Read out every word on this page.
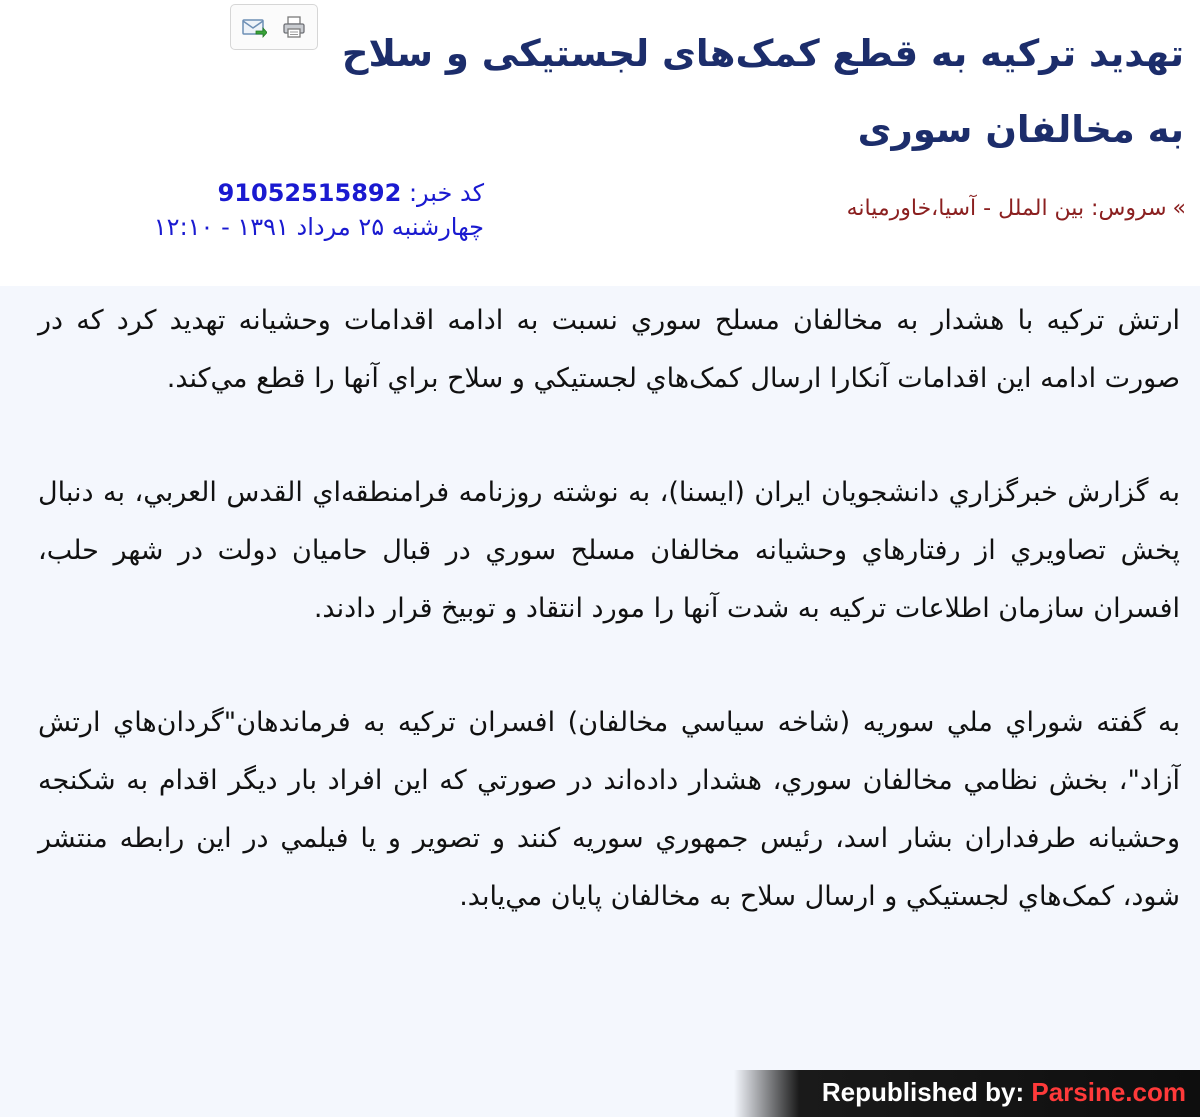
تهدید ترکیه به قطع کمک‌های لجستیکی و سلاح به مخالفان سوری
کد خبر: 91052515892
چهارشنبه ۲۵ مرداد ۱۳۹۱ - ۱۲:۱۰
»سروس: بین الملل - آسیا،خاورمیانه

ارتش ترکيه با هشدار به مخالفان مسلح سوري نسبت به ادامه اقدامات وحشيانه تهديد کرد که در صورت ادامه اين اقدامات آنکارا ارسال کمک‌هاي لجستيکي و سلاح براي آنها را قطع مي‌کند.

به گزارش خبرگزاري دانشجويان ايران (ايسنا)، به نوشته روزنامه فرامنطقه‌اي القدس العربي، به دنبال پخش تصاويري از رفتارهاي وحشيانه مخالفان مسلح سوري در قبال حاميان دولت در شهر حلب، افسران سازمان اطلاعات ترکيه به شدت آنها را مورد انتقاد و توبيخ قرار دادند.

به گفته شوراي ملي سوريه (شاخه سياسي مخالفان) افسران ترکيه به فرماندهان"گردان‌هاي ارتش آزاد"، بخش نظامي مخالفان سوري، هشدار داده‌اند در صورتي که اين افراد بار ديگر اقدام به شکنجه وحشيانه طرفداران بشار اسد، رئيس جمهوري سوريه کنند و تصوير و يا فيلمي در اين رابطه منتشر شود، کمک‌هاي لجستيکي و ارسال سلاح به مخالفان پايان مي‌يابد.

Republished by: Parsine.com
